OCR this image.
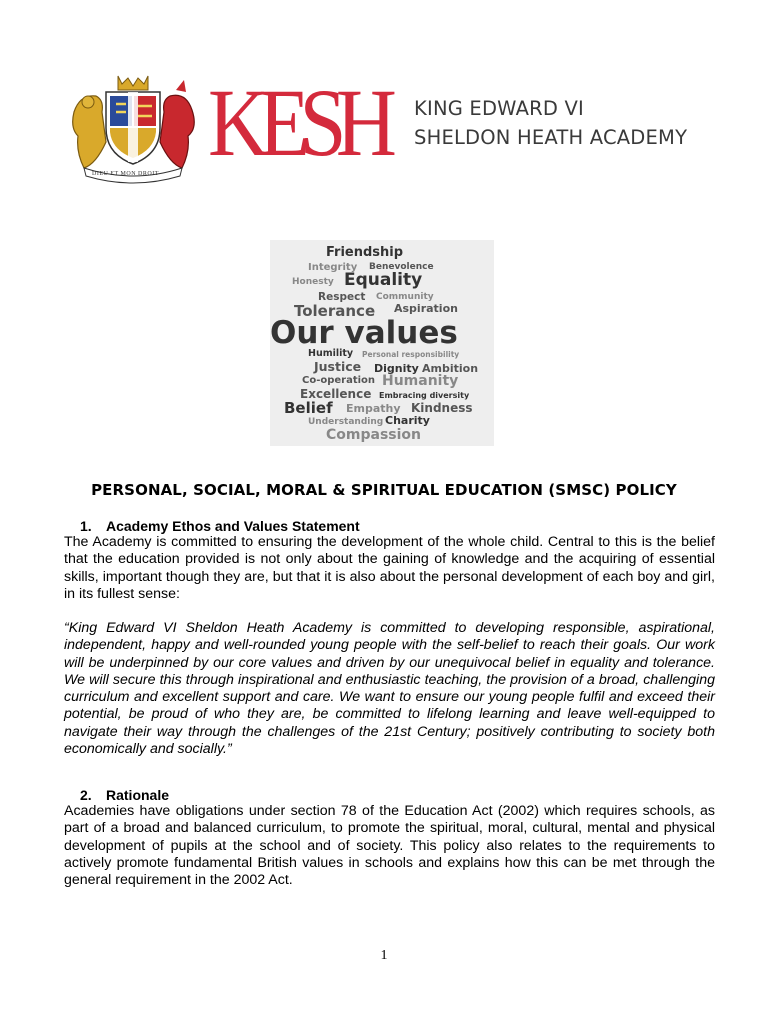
DIEU ET MON DROIT KESH KING EDWARD VI
SHELDON HEATH ACADEMY
Friendship
Integrity Benevolence
Honesty Equality
Respect Community
Tolerance Aspiration
Our values
Humility Personal responsibility
Justice Dignity Ambition
Co-operation Humanity
Excellence Embracing diversity
Belief Empathy Kindness
Understanding Charity
Compassion
PERSONAL, SOCIAL, MORAL & SPIRITUAL EDUCATION (SMSC) POLICY
1. Academy Ethos and Values Statement
The Academy is committed to ensuring the development of the whole child. Central to this is the belief that the education provided is not only about the gaining of knowledge and the acquiring of essential skills, important though they are, but that it is also about the personal development of each boy and girl, in its fullest sense:
“King Edward VI Sheldon Heath Academy is committed to developing responsible, aspirational, independent, happy and well-rounded young people with the self-belief to reach their goals. Our work will be underpinned by our core values and driven by our unequivocal belief in equality and tolerance. We will secure this through inspirational and enthusiastic teaching, the provision of a broad, challenging curriculum and excellent support and care. We want to ensure our young people fulfil and exceed their potential, be proud of who they are, be committed to lifelong learning and leave well-equipped to navigate their way through the challenges of the 21st Century; positively contributing to society both economically and socially.”
2. Rationale
Academies have obligations under section 78 of the Education Act (2002) which requires schools, as part of a broad and balanced curriculum, to promote the spiritual, moral, cultural, mental and physical development of pupils at the school and of society. This policy also relates to the requirements to actively promote fundamental British values in schools and explains how this can be met through the general requirement in the 2002 Act.
1
